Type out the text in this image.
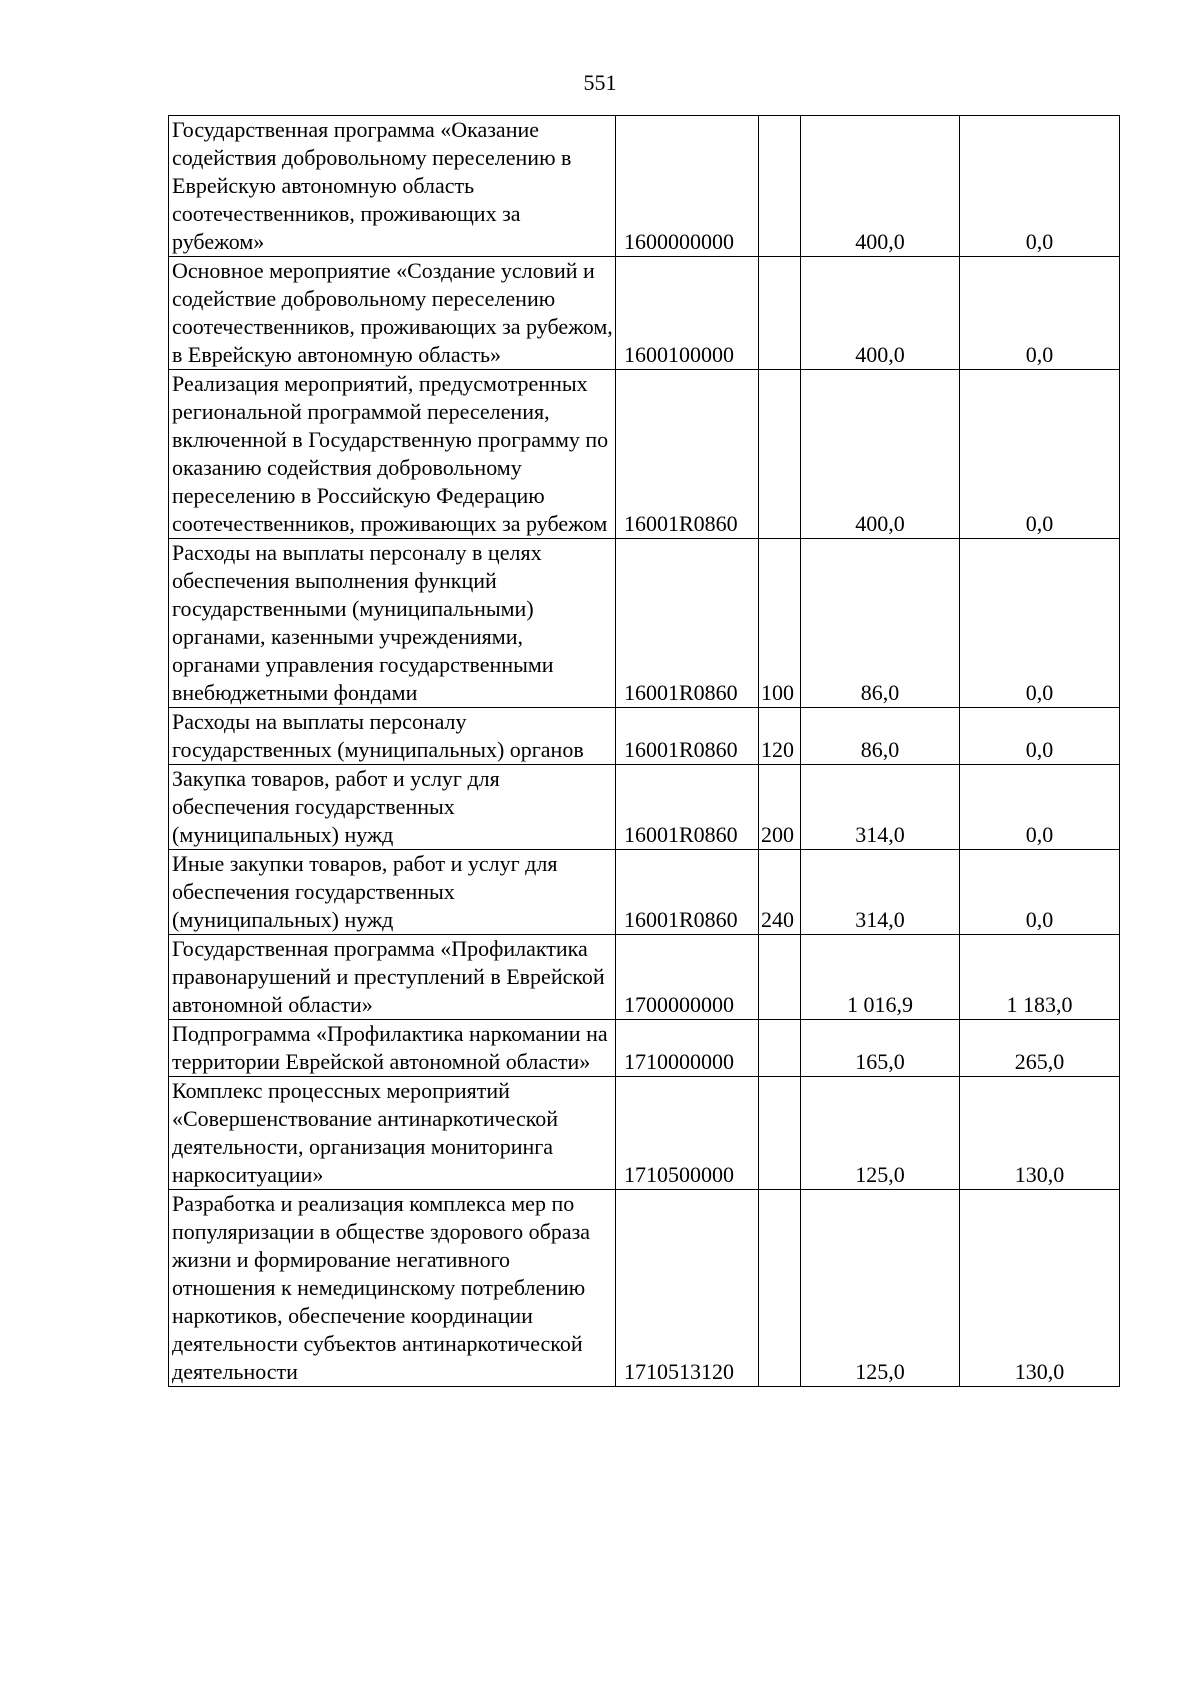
551
Государственная программа «Оказание содействия добровольному переселению в Еврейскую автономную область соотечественников, проживающих за рубежом»	1600000000		400,0	0,0
Основное мероприятие «Создание условий и содействие добровольному переселению соотечественников, проживающих за рубежом, в Еврейскую автономную область»	1600100000		400,0	0,0
Реализация мероприятий, предусмотренных региональной программой переселения, включенной в Государственную программу по оказанию содействия добровольному переселению в Российскую Федерацию соотечественников, проживающих за рубежом	16001R0860		400,0	0,0
Расходы на выплаты персоналу в целях обеспечения выполнения функций государственными (муниципальными) органами, казенными учреждениями, органами управления государственными внебюджетными фондами	16001R0860	100	86,0	0,0
Расходы на выплаты персоналу государственных (муниципальных) органов	16001R0860	120	86,0	0,0
Закупка товаров, работ и услуг для обеспечения государственных (муниципальных) нужд	16001R0860	200	314,0	0,0
Иные закупки товаров, работ и услуг для обеспечения государственных (муниципальных) нужд	16001R0860	240	314,0	0,0
Государственная программа «Профилактика правонарушений и преступлений в Еврейской автономной области»	1700000000		1 016,9	1 183,0
Подпрограмма «Профилактика наркомании на территории Еврейской автономной области»	1710000000		165,0	265,0
Комплекс процессных мероприятий «Совершенствование антинаркотической деятельности, организация мониторинга наркоситуации»	1710500000		125,0	130,0
Разработка и реализация комплекса мер по популяризации в обществе здорового образа жизни и формирование негативного отношения к немедицинскому потреблению наркотиков, обеспечение координации деятельности субъектов антинаркотической деятельности	1710513120		125,0	130,0
